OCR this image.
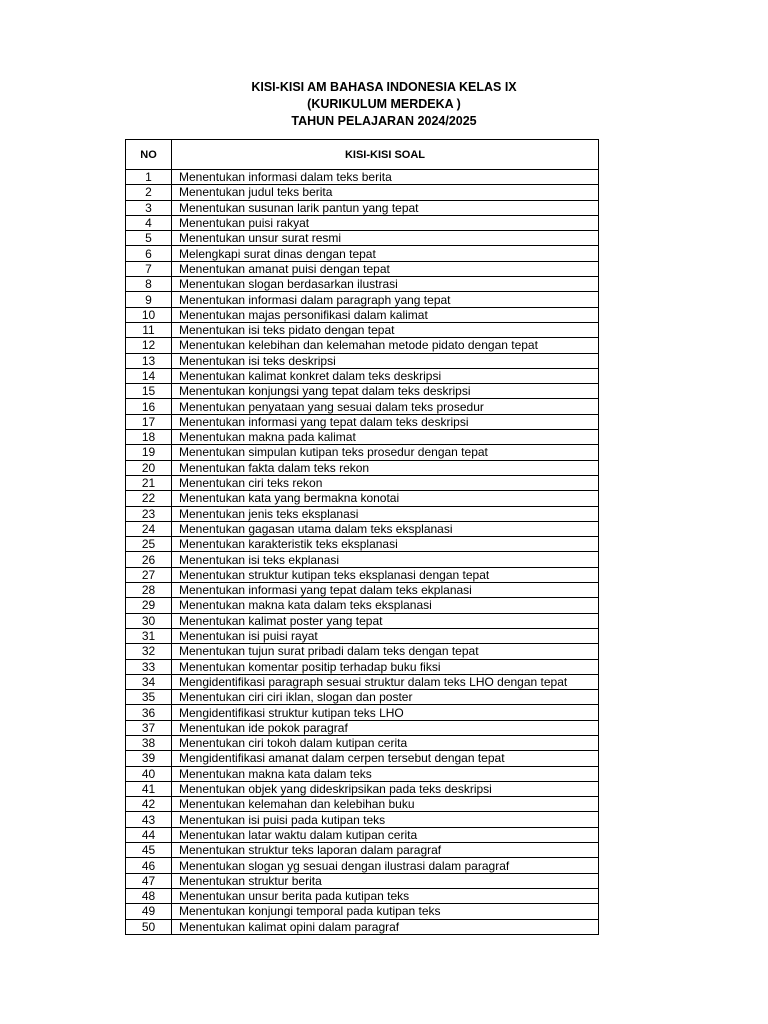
KISI-KISI AM BAHASA INDONESIA KELAS IX
(KURIKULUM MERDEKA )
TAHUN PELAJARAN 2024/2025
NO	KISI-KISI SOAL
1	Menentukan informasi dalam teks berita
2	Menentukan judul teks berita
3	Menentukan susunan larik pantun yang tepat
4	Menentukan puisi rakyat
5	Menentukan unsur surat resmi
6	Melengkapi surat dinas dengan tepat
7	Menentukan amanat puisi dengan tepat
8	Menentukan slogan berdasarkan ilustrasi
9	Menentukan informasi dalam paragraph yang tepat
10	Menentukan majas personifikasi dalam kalimat
11	Menentukan isi teks pidato dengan tepat
12	Menentukan kelebihan dan kelemahan metode pidato dengan tepat
13	Menentukan isi teks deskripsi
14	Menentukan kalimat konkret dalam teks deskripsi
15	Menentukan konjungsi yang tepat dalam teks deskripsi
16	Menentukan penyataan yang sesuai dalam teks prosedur
17	Menentukan informasi yang tepat dalam teks deskripsi
18	Menentukan makna pada kalimat
19	Menentukan simpulan kutipan teks prosedur dengan tepat
20	Menentukan fakta dalam teks rekon
21	Menentukan ciri teks rekon
22	Menentukan kata yang bermakna konotai
23	Menentukan jenis teks eksplanasi
24	Menentukan gagasan utama dalam teks eksplanasi
25	Menentukan karakteristik teks eksplanasi
26	Menentukan isi teks ekplanasi
27	Menentukan struktur kutipan teks eksplanasi dengan tepat
28	Menentukan informasi yang tepat dalam teks ekplanasi
29	Menentukan makna kata dalam teks eksplanasi
30	Menentukan kalimat poster yang tepat
31	Menentukan isi puisi rayat
32	Menentukan tujun surat pribadi dalam teks dengan tepat
33	Menentukan komentar positip terhadap buku fiksi
34	Mengidentifikasi paragraph sesuai struktur dalam teks LHO dengan tepat
35	Menentukan ciri ciri iklan, slogan dan poster
36	Mengidentifikasi struktur kutipan teks LHO
37	Menentukan ide pokok paragraf
38	Menentukan ciri tokoh dalam kutipan cerita
39	Mengidentifikasi amanat dalam cerpen tersebut dengan tepat
40	Menentukan makna kata dalam teks
41	Menentukan objek yang dideskripsikan pada teks deskripsi
42	Menentukan kelemahan dan kelebihan buku
43	Menentukan isi puisi pada kutipan teks
44	Menentukan latar waktu dalam kutipan cerita
45	Menentukan struktur teks laporan dalam paragraf
46	Menentukan slogan yg sesuai dengan ilustrasi dalam paragraf
47	Menentukan struktur berita
48	Menentukan unsur berita pada kutipan teks
49	Menentukan konjungi temporal pada kutipan teks
50	Menentukan kalimat opini dalam paragraf
